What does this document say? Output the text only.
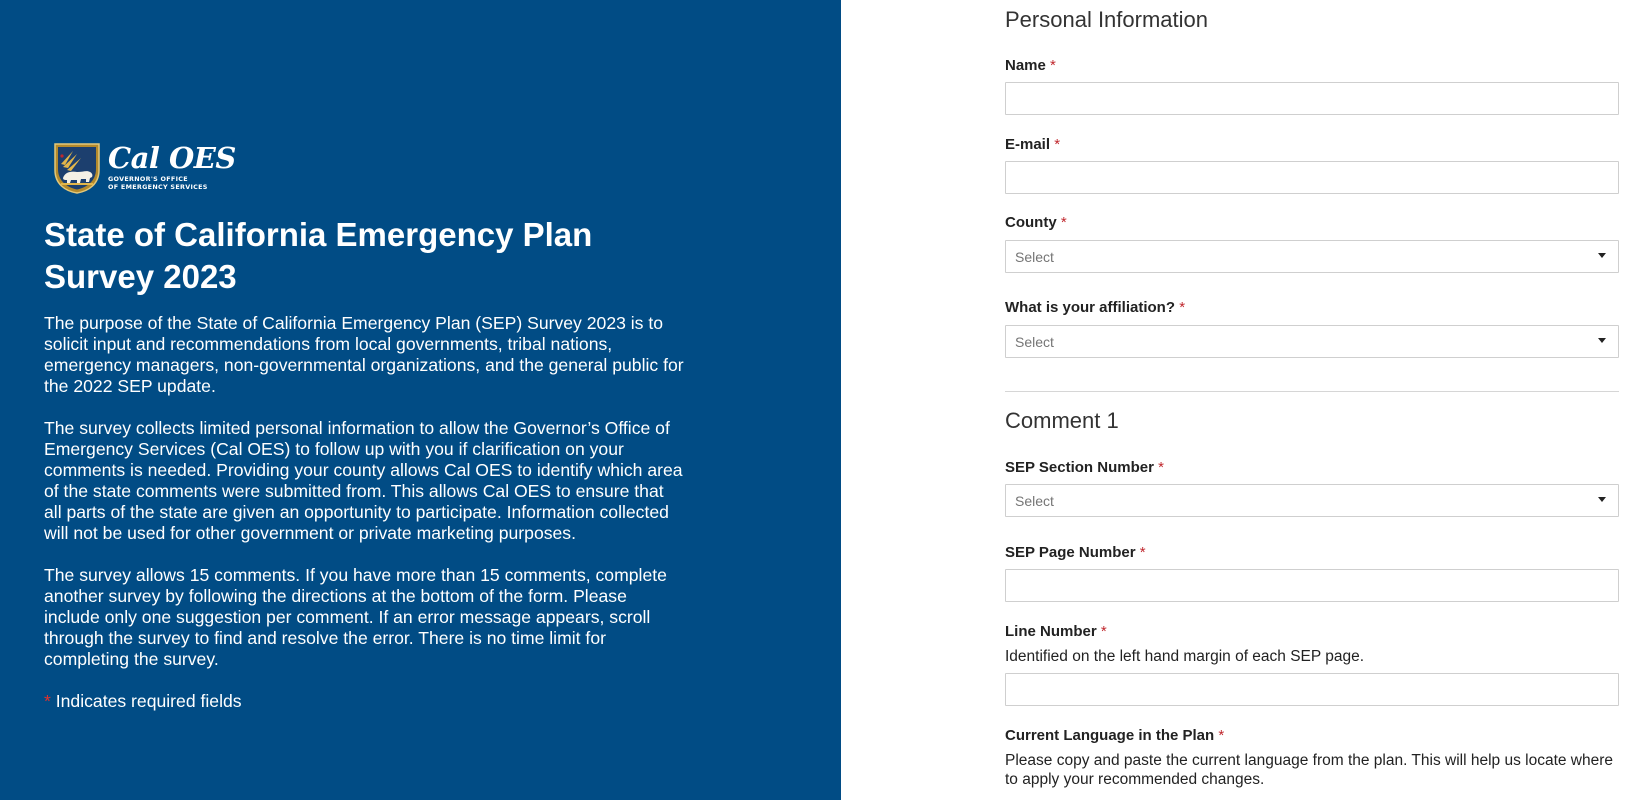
Cal OES
GOVERNOR'S OFFICE
OF EMERGENCY SERVICES
State of California Emergency Plan Survey 2023

The purpose of the State of California Emergency Plan (SEP) Survey 2023 is to solicit input and recommendations from local governments, tribal nations, emergency managers, non-governmental organizations, and the general public for the 2022 SEP update.

The survey collects limited personal information to allow the Governor’s Office of Emergency Services (Cal OES) to follow up with you if clarification on your comments is needed. Providing your county allows Cal OES to identify which area of the state comments were submitted from. This allows Cal OES to ensure that all parts of the state are given an opportunity to participate. Information collected will not be used for other government or private marketing purposes.

The survey allows 15 comments. If you have more than 15 comments, complete another survey by following the directions at the bottom of the form. Please include only one suggestion per comment. If an error message appears, scroll through the survey to find and resolve the error. There is no time limit for completing the survey.

* Indicates required fields
Personal Information
Name *
E-mail *
County *
Select
What is your affiliation? *
Select
Comment 1
SEP Section Number *
Select
SEP Page Number *
Line Number *
Identified on the left hand margin of each SEP page.
Current Language in the Plan *
Please copy and paste the current language from the plan. This will help us locate where to apply your recommended changes.
